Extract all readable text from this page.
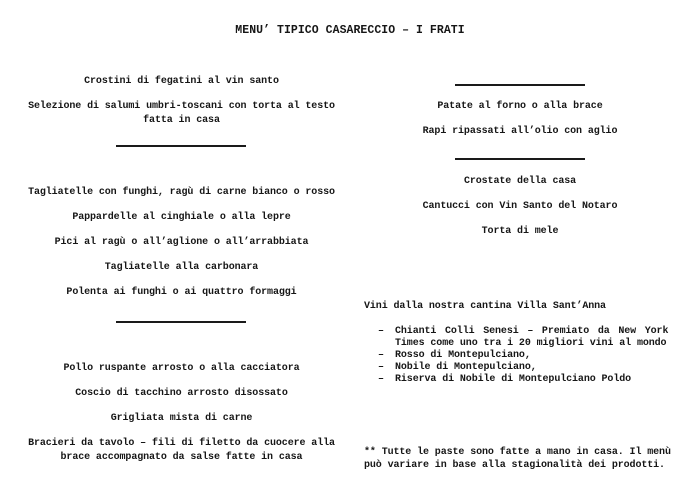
MENU’ TIPICO CASARECCIO – I FRATI
Crostini di fegatini al vin santo
Selezione di salumi umbri-toscani con torta al testo
fatta in casa
Tagliatelle con funghi, ragù di carne bianco o rosso
Pappardelle al cinghiale o alla lepre
Pici al ragù o all’aglione o all’arrabbiata
Tagliatelle alla carbonara
Polenta ai funghi o ai quattro formaggi
Pollo ruspante arrosto o alla cacciatora
Coscio di tacchino arrosto disossato
Grigliata mista di carne
Bracieri da tavolo – fili di filetto da cuocere alla
brace accompagnato da salse fatte in casa
Patate al forno o alla brace
Rapi ripassati all’olio con aglio
Crostate della casa
Cantucci con Vin Santo del Notaro
Torta di mele
Vini dalla nostra cantina Villa Sant’Anna
–	Chianti Colli Senesi – Premiato da New York
Times come uno tra i 20 migliori vini al mondo
–	Rosso di Montepulciano,
–	Nobile di Montepulciano,
–	Riserva di Nobile di Montepulciano Poldo
** Tutte le paste sono fatte a mano in casa. Il menù
può variare in base alla stagionalità dei prodotti.
